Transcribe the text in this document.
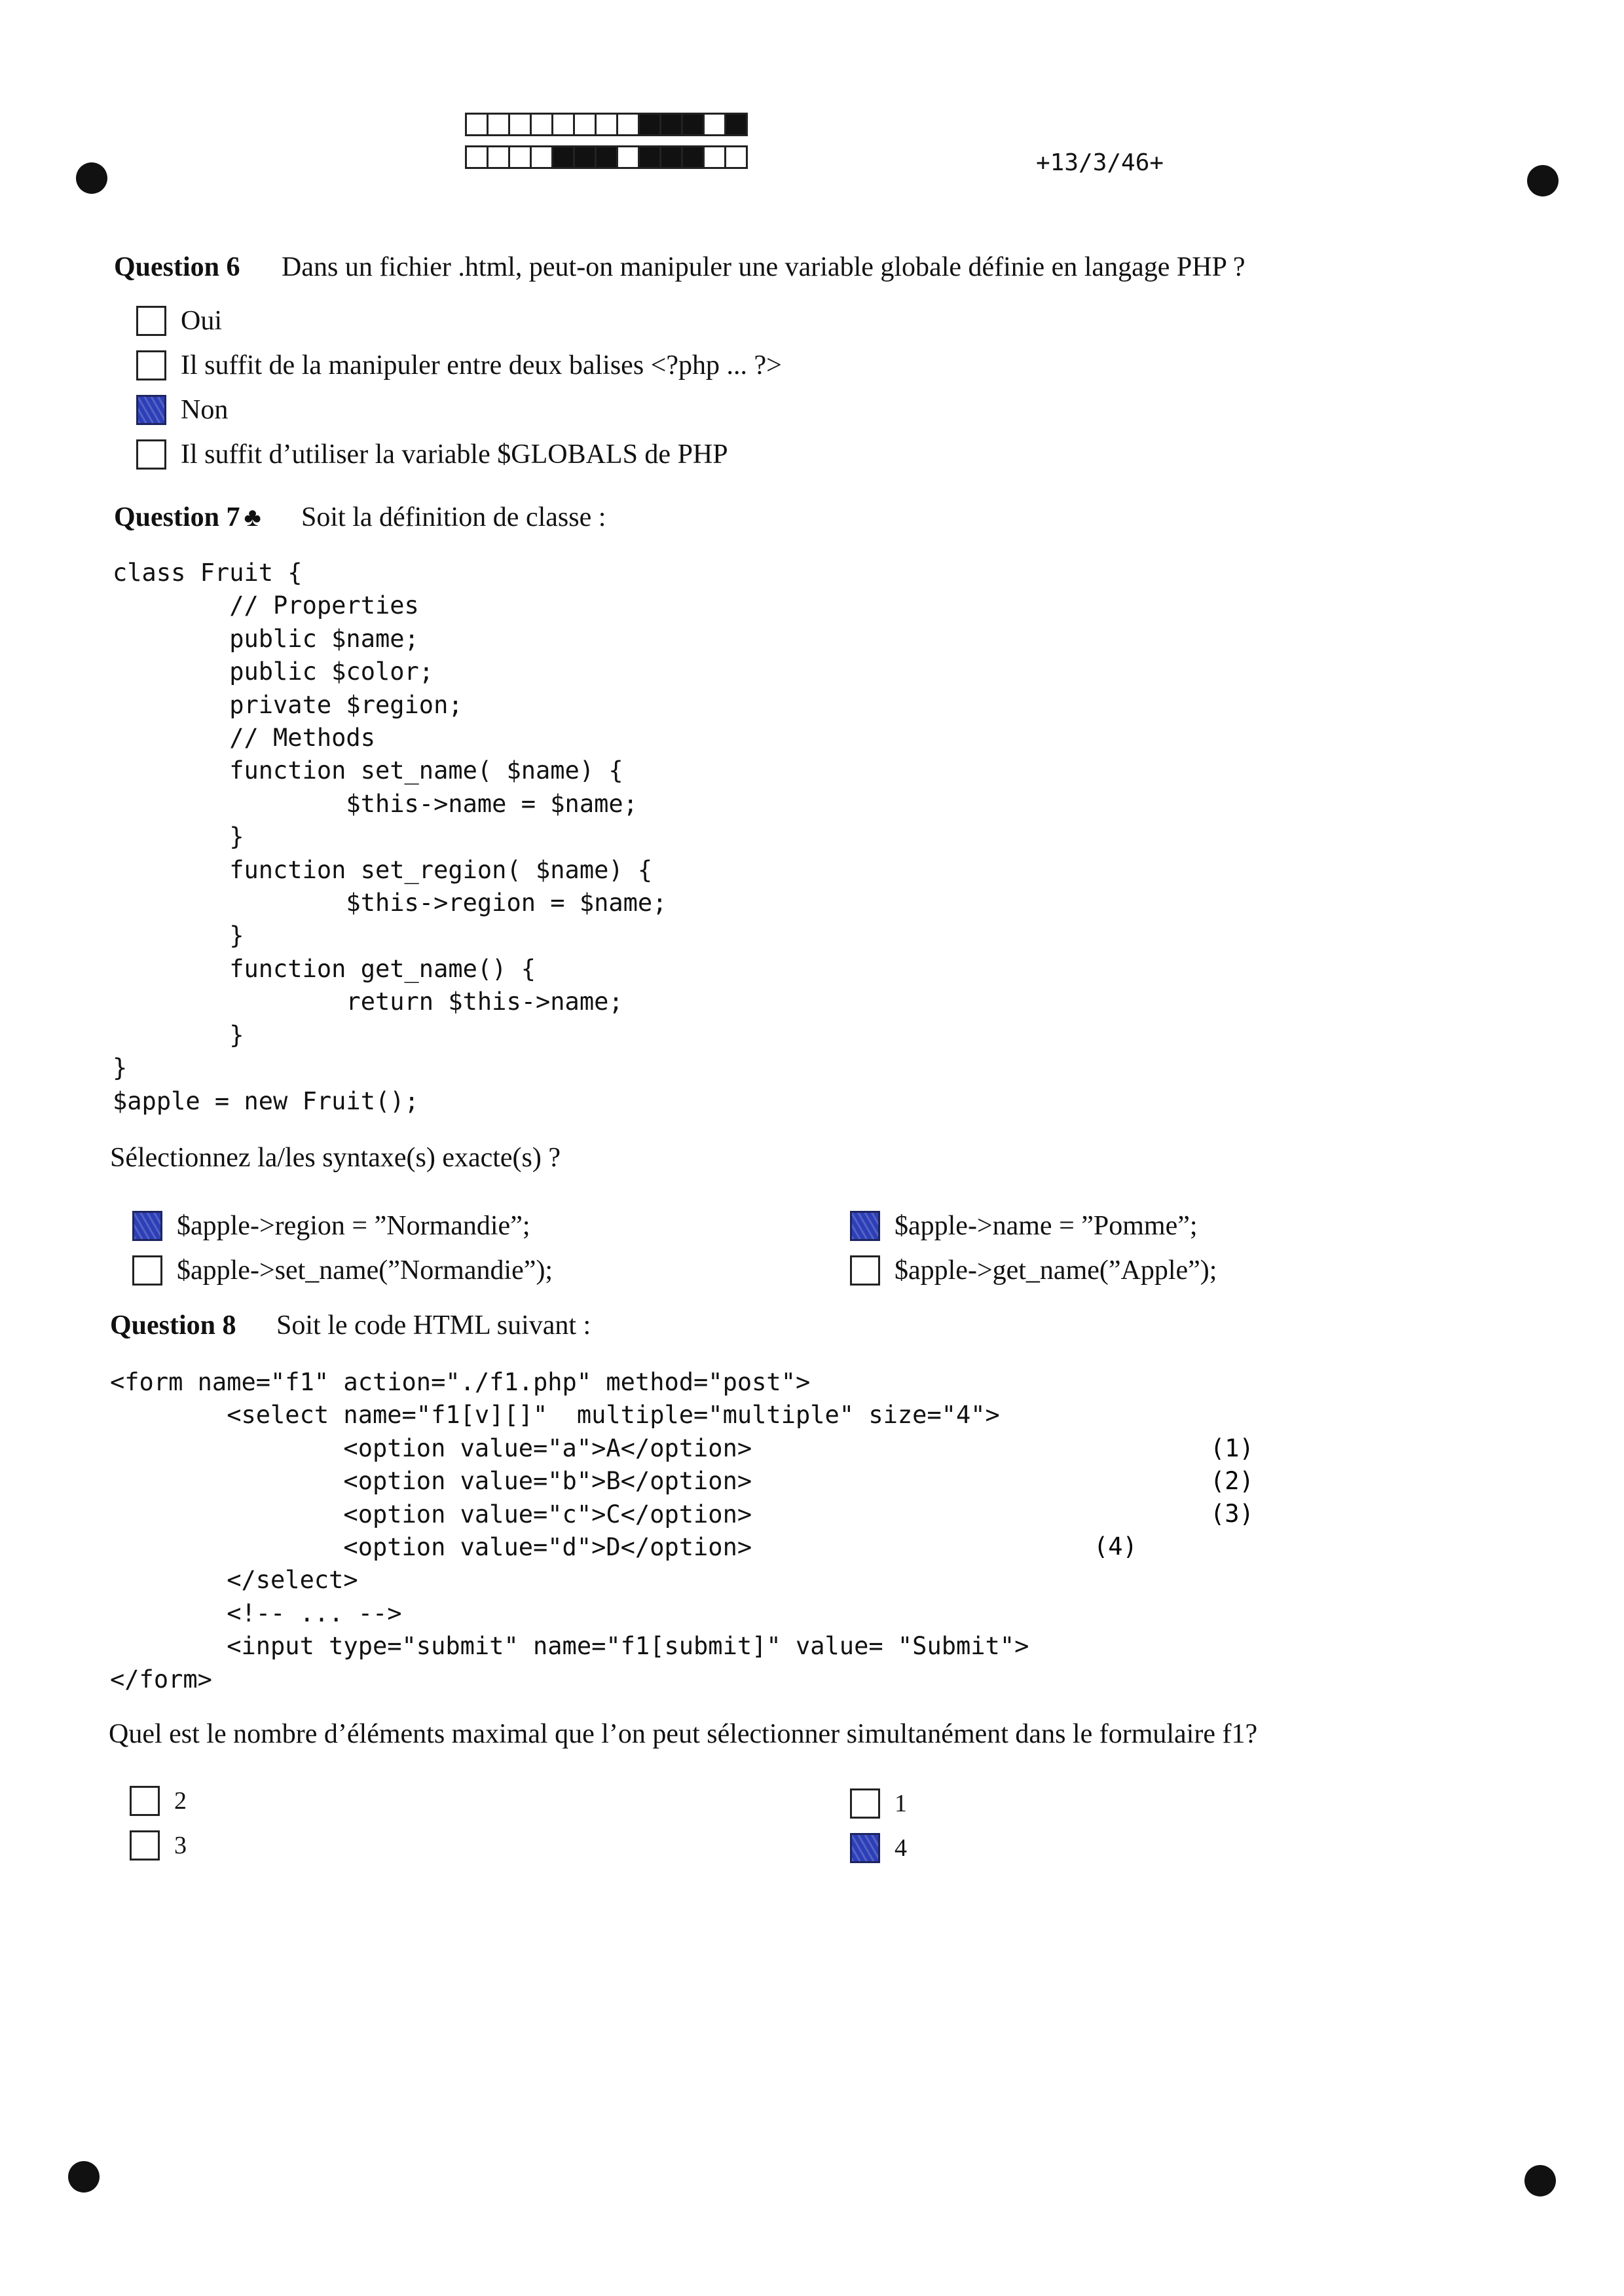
+13/3/46+
Question 6 Dans un fichier .html, peut-on manipuler une variable globale définie en langage PHP ?
Oui
Il suffit de la manipuler entre deux balises <?php ... ?>
Non
Il suffit d’utiliser la variable $GLOBALS de PHP
Question 7 ♣ Soit la définition de classe :
class Fruit {
// Properties
public $name;
public $color;
private $region;
// Methods
function set_name( $name) {
$this->name = $name;
}
function set_region( $name) {
$this->region = $name;
}
function get_name() {
return $this->name;
}
}
$apple = new Fruit();
Sélectionnez la/les syntaxe(s) exacte(s) ?
$apple->region = ”Normandie”;
$apple->set_name(”Normandie”);
$apple->name = ”Pomme”;
$apple->get_name(”Apple”);
Question 8 Soit le code HTML suivant :
<form name="f1" action="./f1.php" method="post">
<select name="f1[v][]"  multiple="multiple" size="4">
<option value="a">A</option>
<option value="b">B</option>
<option value="c">C</option>
<option value="d">D</option>
</select>
<!-- ... -->
<input type="submit" name="f1[submit]" value= "Submit">
</form>
(1)
(2)
(3)
(4)
Quel est le nombre d’éléments maximal que l’on peut sélectionner simultanément dans le formulaire f1?
2
3
1
4
